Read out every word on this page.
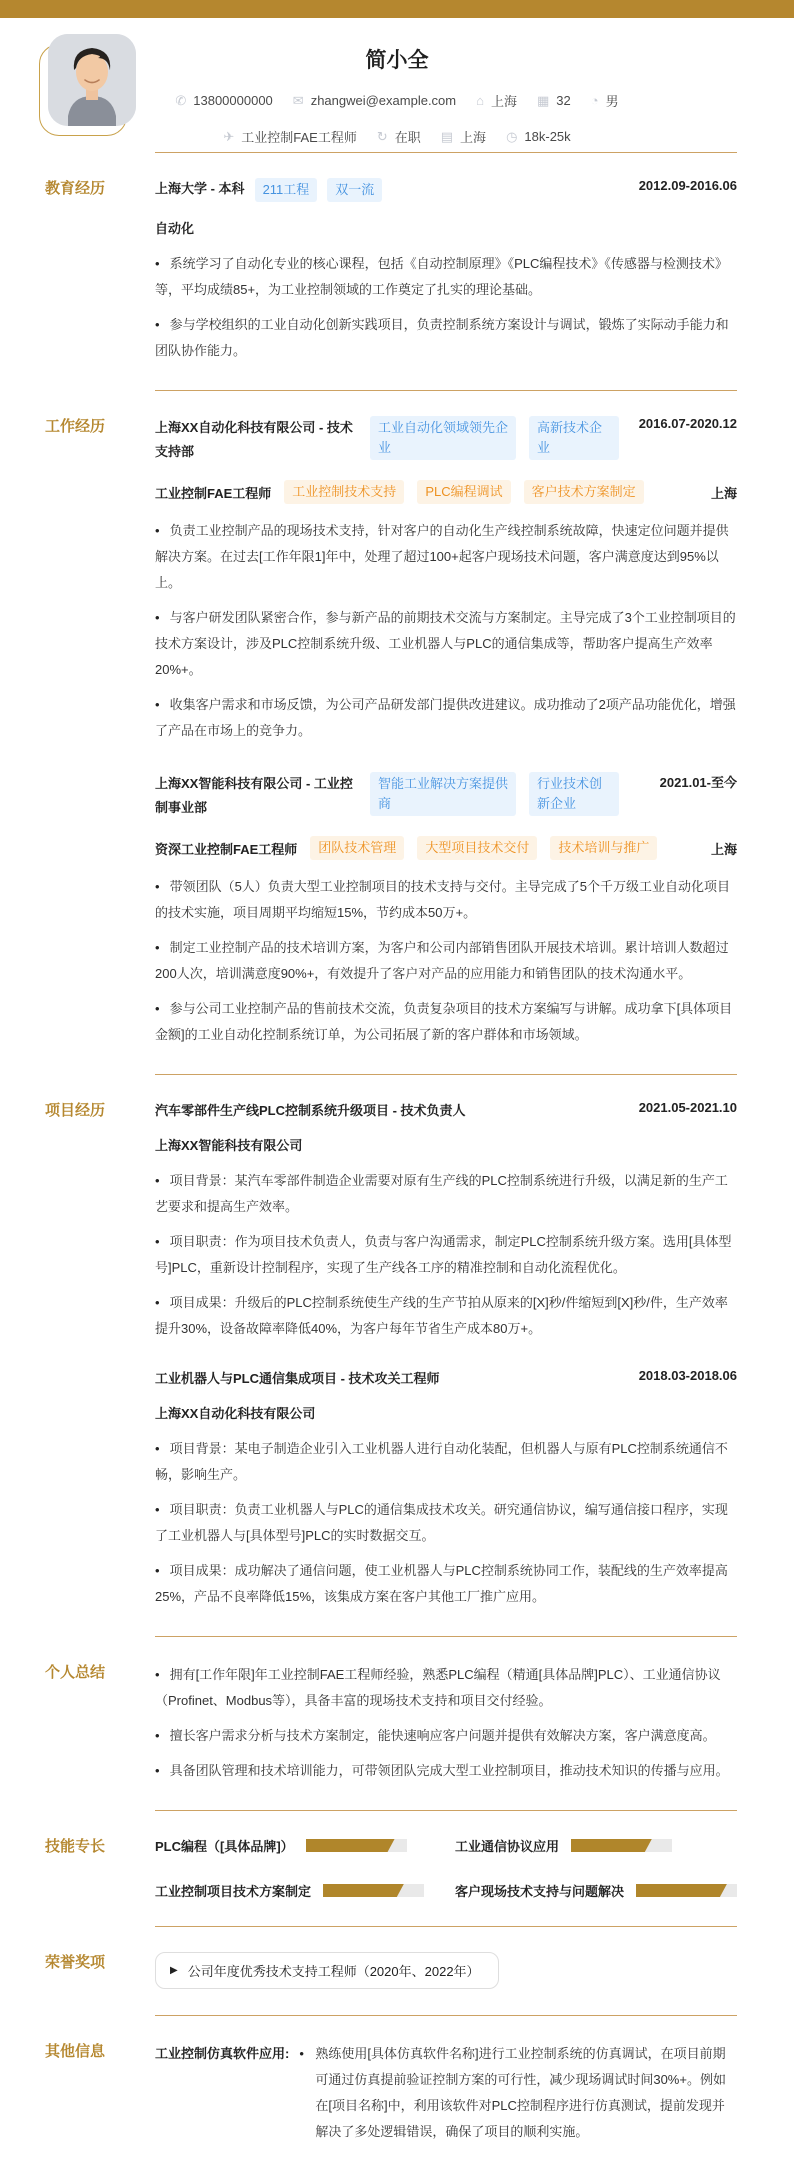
简小全
✆ 13800000000 ✉ zhangwei@example.com ⌂ 上海 ▦ 32 ◔ 男
✈ 工业控制FAE工程师 ↻ 在职 ▤ 上海 ◷ 18k-25k
教育经历	上海大学 - 本科	211工程	双一流	2012.09-2016.06
自动化

• 系统学习了自动化专业的核心课程，包括《自动控制原理》《PLC编程技术》《传感器与检测技术》等，平均成绩85+，为工业控制领域的工作奠定了扎实的理论基础。

• 参与学校组织的工业自动化创新实践项目，负责控制系统方案设计与调试，锻炼了实际动手能力和团队协作能力。

工作经历	上海XX自动化科技有限公司 - 技术支持部
工业自动化领域领先企业
高新技术企业
2016.07-2020.12
工业控制FAE工程师	工业控制技术支持	PLC编程调试	客户技术方案制定	上海

• 负责工业控制产品的现场技术支持，针对客户的自动化生产线控制系统故障，快速定位问题并提供解决方案。在过去[工作年限1]年中，处理了超过100+起客户现场技术问题，客户满意度达到95%以上。

• 与客户研发团队紧密合作，参与新产品的前期技术交流与方案制定。主导完成了3个工业控制项目的技术方案设计，涉及PLC控制系统升级、工业机器人与PLC的通信集成等，帮助客户提高生产效率20%+。

• 收集客户需求和市场反馈，为公司产品研发部门提供改进建议。成功推动了2项产品功能优化，增强了产品在市场上的竞争力。

上海XX智能科技有限公司 - 工业控制事业部
智能工业解决方案提供商
行业技术创新企业
2021.01-至今
资深工业控制FAE工程师	团队技术管理	大型项目技术交付	技术培训与推广	上海

• 带领团队（5人）负责大型工业控制项目的技术支持与交付。主导完成了5个千万级工业自动化项目的技术实施，项目周期平均缩短15%，节约成本50万+。

• 制定工业控制产品的技术培训方案，为客户和公司内部销售团队开展技术培训。累计培训人数超过200人次，培训满意度90%+，有效提升了客户对产品的应用能力和销售团队的技术沟通水平。

• 参与公司工业控制产品的售前技术交流，负责复杂项目的技术方案编写与讲解。成功拿下[具体项目金额]的工业自动化控制系统订单，为公司拓展了新的客户群体和市场领域。

项目经历	汽车零部件生产线PLC控制系统升级项目 - 技术负责人	2021.05-2021.10
上海XX智能科技有限公司

• 项目背景：某汽车零部件制造企业需要对原有生产线的PLC控制系统进行升级，以满足新的生产工艺要求和提高生产效率。

• 项目职责：作为项目技术负责人，负责与客户沟通需求，制定PLC控制系统升级方案。选用[具体型号]PLC，重新设计控制程序，实现了生产线各工序的精准控制和自动化流程优化。

• 项目成果：升级后的PLC控制系统使生产线的生产节拍从原来的[X]秒/件缩短到[X]秒/件，生产效率提升30%，设备故障率降低40%，为客户每年节省生产成本80万+。

工业机器人与PLC通信集成项目 - 技术攻关工程师	2018.03-2018.06
上海XX自动化科技有限公司

• 项目背景：某电子制造企业引入工业机器人进行自动化装配，但机器人与原有PLC控制系统通信不畅，影响生产。

• 项目职责：负责工业机器人与PLC的通信集成技术攻关。研究通信协议，编写通信接口程序，实现了工业机器人与[具体型号]PLC的实时数据交互。

• 项目成果：成功解决了通信问题，使工业机器人与PLC控制系统协同工作，装配线的生产效率提高25%，产品不良率降低15%，该集成方案在客户其他工厂推广应用。

个人总结	• 拥有[工作年限]年工业控制FAE工程师经验，熟悉PLC编程（精通[具体品牌]PLC）、工业通信协议（Profinet、Modbus等），具备丰富的现场技术支持和项目交付经验。

• 擅长客户需求分析与技术方案制定，能快速响应客户问题并提供有效解决方案，客户满意度高。

• 具备团队管理和技术培训能力，可带领团队完成大型工业控制项目，推动技术知识的传播与应用。

技能专长	PLC编程（[具体品牌]）	工业通信协议应用
工业控制项目技术方案制定	客户现场技术支持与问题解决
荣誉奖项	▶ 公司年度优秀技术支持工程师（2020年、2022年）
其他信息	工业控制仿真软件应用: • 熟练使用[具体仿真软件名称]进行工业控制系统的仿真调试，在项目前期可通过仿真提前验证控制方案的可行性，减少现场调试时间30%+。例如在[项目名称]中，利用该软件对PLC控制程序进行仿真测试，提前发现并解决了多处逻辑错误，确保了项目的顺利实施。
